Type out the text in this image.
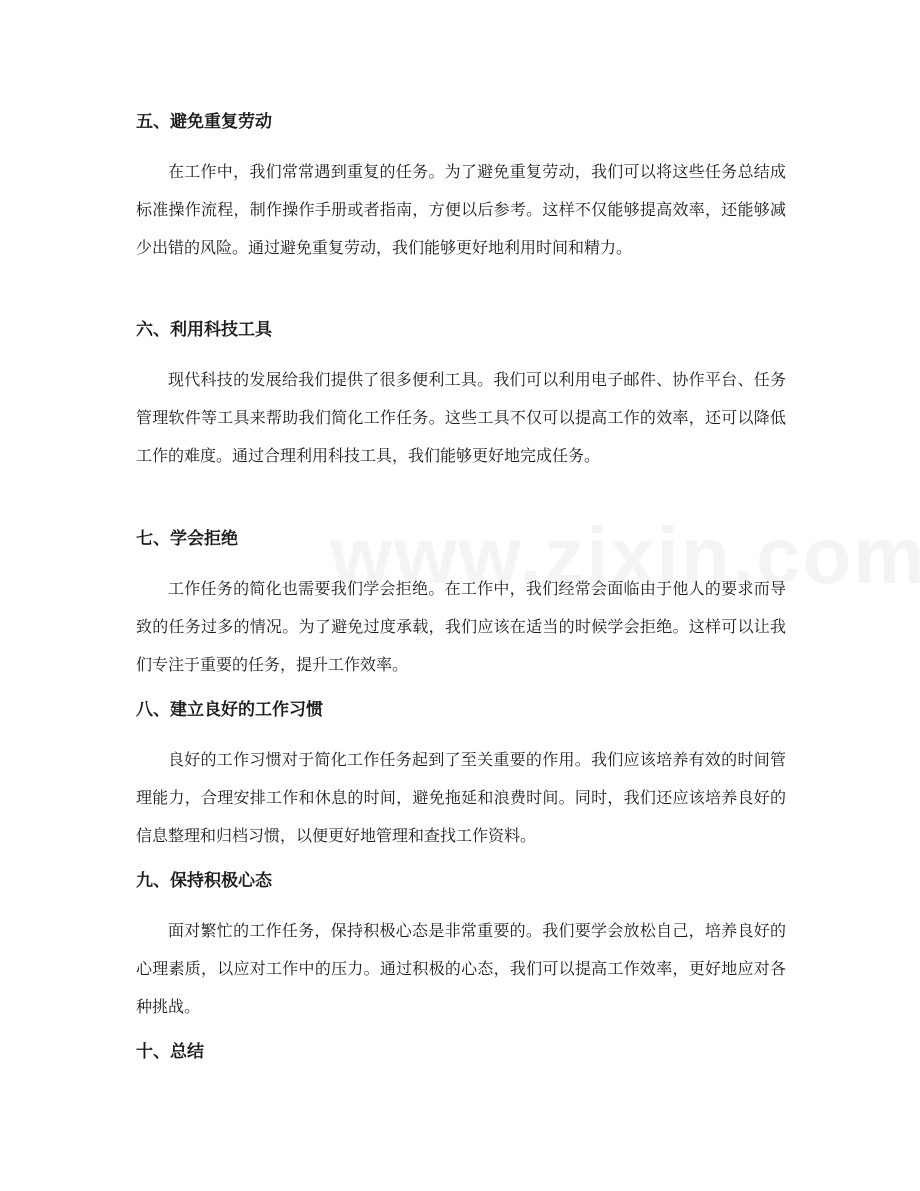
五、避免重复劳动

在工作中，我们常常遇到重复的任务。为了避免重复劳动，我们可以将这些任务总结成标准操作流程，制作操作手册或者指南，方便以后参考。这样不仅能够提高效率，还能够减少出错的风险。通过避免重复劳动，我们能够更好地利用时间和精力。

六、利用科技工具

现代科技的发展给我们提供了很多便利工具。我们可以利用电子邮件、协作平台、任务管理软件等工具来帮助我们简化工作任务。这些工具不仅可以提高工作的效率，还可以降低工作的难度。通过合理利用科技工具，我们能够更好地完成任务。

七、学会拒绝

工作任务的简化也需要我们学会拒绝。在工作中，我们经常会面临由于他人的要求而导致的任务过多的情况。为了避免过度承载，我们应该在适当的时候学会拒绝。这样可以让我们专注于重要的任务，提升工作效率。

八、建立良好的工作习惯

良好的工作习惯对于简化工作任务起到了至关重要的作用。我们应该培养有效的时间管理能力，合理安排工作和休息的时间，避免拖延和浪费时间。同时，我们还应该培养良好的信息整理和归档习惯，以便更好地管理和查找工作资料。

九、保持积极心态

面对繁忙的工作任务，保持积极心态是非常重要的。我们要学会放松自己，培养良好的心理素质，以应对工作中的压力。通过积极的心态，我们可以提高工作效率，更好地应对各种挑战。

十、总结
